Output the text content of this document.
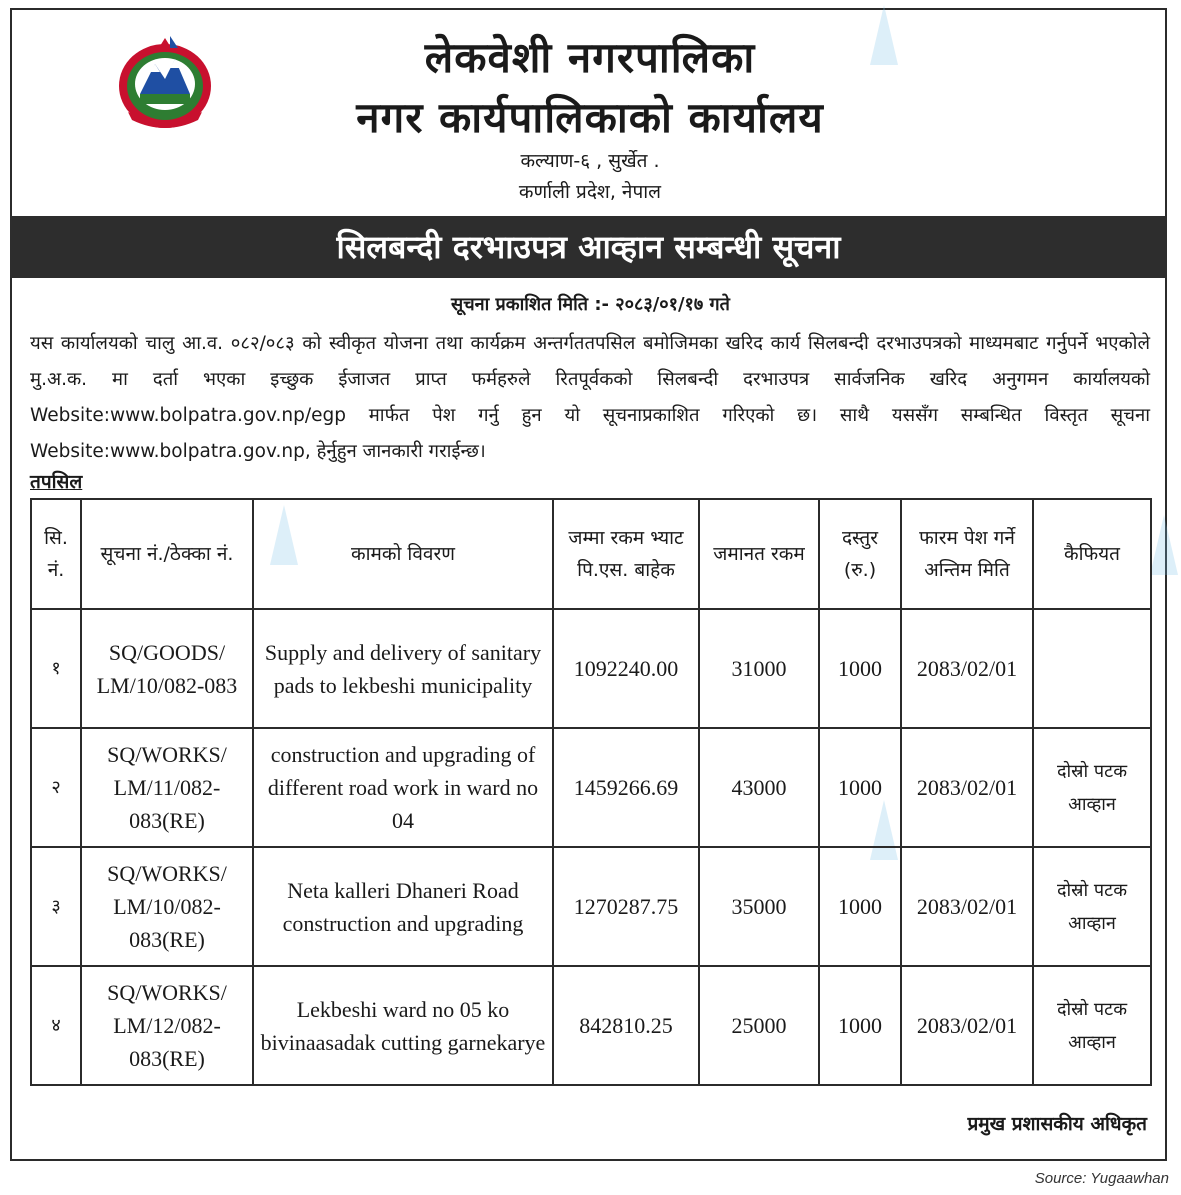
लेकवेशी नगरपालिका
नगर कार्यपालिकाको कार्यालय
कल्याण-६ , सुर्खेत .
कर्णाली प्रदेश, नेपाल
सिलबन्दी दरभाउपत्र आव्हान सम्बन्धी सूचना
सूचना प्रकाशित मिति :- २०८३/०१/१७ गते
यस कार्यालयको चालु आ.व. ०८२/०८३ को स्वीकृत योजना तथा कार्यक्रम अन्तर्गततपसिल बमोजिमका खरिद कार्य सिलबन्दी दरभाउपत्रको माध्यमबाट गर्नुपर्ने भएकोले मु.अ.क. मा दर्ता भएका इच्छुक ईजाजत प्राप्त फर्महरुले रितपूर्वकको सिलबन्दी दरभाउपत्र सार्वजनिक खरिद अनुगमन कार्यालयको Website:www.bolpatra.gov.np/egp मार्फत पेश गर्नु हुन यो सूचनाप्रकाशित गरिएको छ। साथै यससँग सम्बन्धित विस्तृत सूचना Website:www.bolpatra.gov.np, हेर्नुहुन जानकारी गराईन्छ।
तपसिल
सि. नं.	सूचना नं./ठेक्का नं.	कामको विवरण	जम्मा रकम भ्याट पि.एस. बाहेक	जमानत रकम	दस्तुर (रु.)	फारम पेश गर्ने अन्तिम मिति	कैफियत
१	SQ/GOODS/ LM/10/082-083	Supply and delivery of sanitary pads to lekbeshi municipality	1092240.00	31000	1000	2083/02/01	
२	SQ/WORKS/ LM/11/082- 083(RE)	construction and upgrading of different road work in ward no 04	1459266.69	43000	1000	2083/02/01	दोस्रो पटक आव्हान
३	SQ/WORKS/ LM/10/082- 083(RE)	Neta kalleri Dhaneri Road construction and upgrading	1270287.75	35000	1000	2083/02/01	दोस्रो पटक आव्हान
४	SQ/WORKS/ LM/12/082- 083(RE)	Lekbeshi ward no 05 ko bivinaasadak cutting garnekarye	842810.25	25000	1000	2083/02/01	दोस्रो पटक आव्हान
प्रमुख प्रशासकीय अधिकृत
Source: Yugaawhan
